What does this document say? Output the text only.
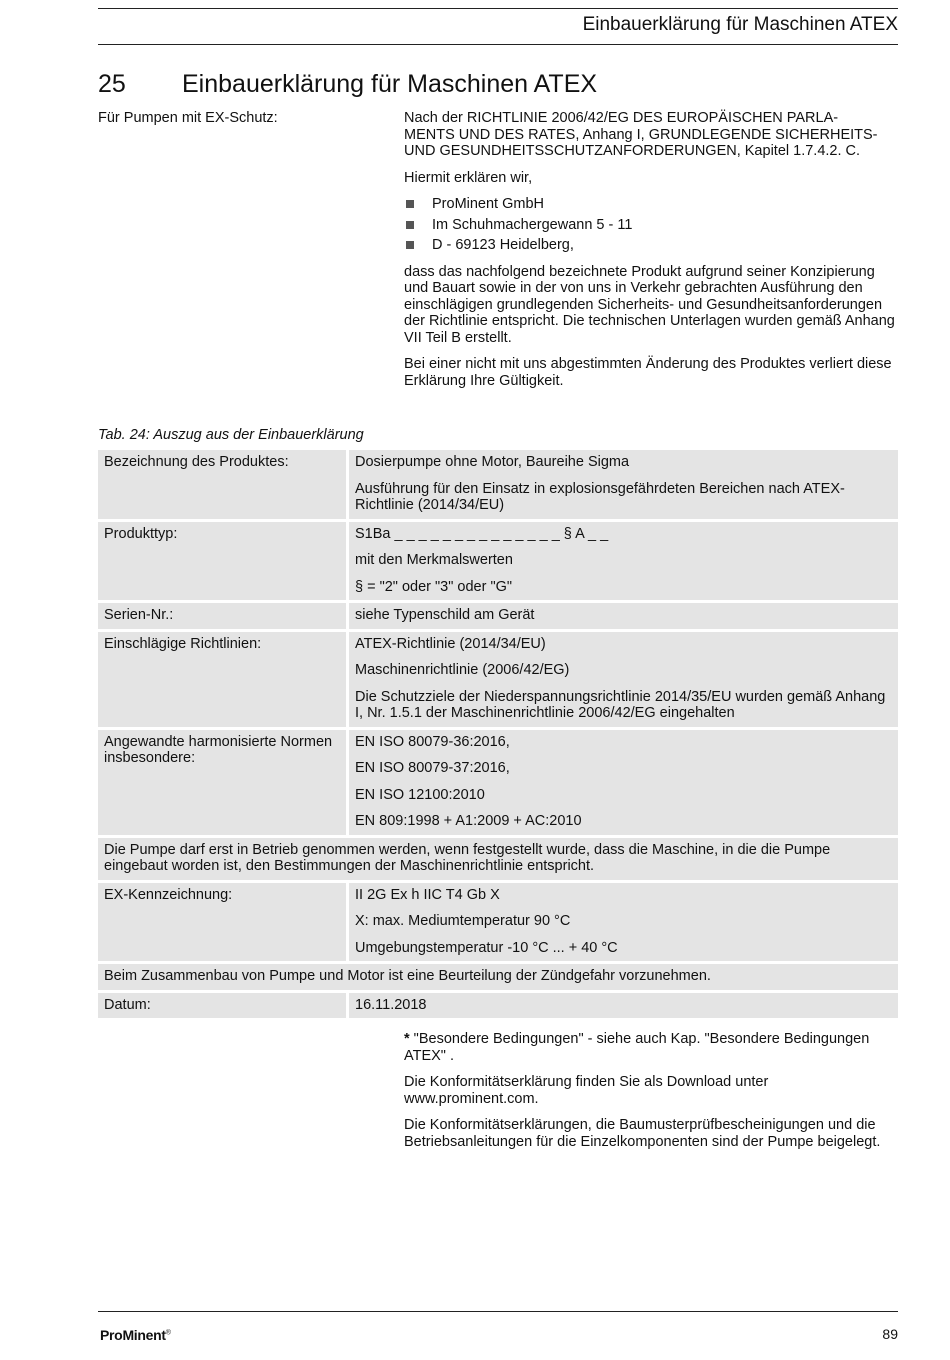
Einbauerklärung für Maschinen ATEX
25 Einbauerklärung für Maschinen ATEX
Für Pumpen mit EX-Schutz:	Nach der RICHTLINIE 2006/42/EG DES EUROPÄISCHEN PARLA-
MENTS UND DES RATES, Anhang I, GRUNDLEGENDE SICHERHEITS-
UND GESUNDHEITSSCHUTZANFORDERUNGEN, Kapitel 1.7.4.2. C.

Hiermit erklären wir,

ProMinent GmbH
Im Schuhmachergewann 5 - 11
D - 69123 Heidelberg,

dass das nachfolgend bezeichnete Produkt aufgrund seiner Konzipierung und Bauart sowie in der von uns in Verkehr gebrachten Ausführung den einschlägigen grundlegenden Sicherheits- und Gesundheitsanforderungen der Richtlinie entspricht. Die technischen Unterlagen wurden gemäß Anhang VII Teil B erstellt.

Bei einer nicht mit uns abgestimmten Änderung des Produktes verliert diese Erklärung Ihre Gültigkeit.

Tab. 24: Auszug aus der Einbauerklärung
Bezeichnung des Produktes:	Dosierpumpe ohne Motor, Baureihe Sigma
Ausführung für den Einsatz in explosionsgefährdeten Bereichen nach ATEX-Richtlinie (2014/34/EU)

Produkttyp:	S1Ba _ _ _ _ _ _ _ _ _ _ _ _ _ _ § A _ _
mit den Merkmalswerten
§ = "2" oder "3" oder "G"

Serien-Nr.:	siehe Typenschild am Gerät

Einschlägige Richtlinien:	ATEX-Richtlinie (2014/34/EU)
Maschinenrichtlinie (2006/42/EG)
Die Schutzziele der Niederspannungsrichtlinie 2014/35/EU wurden gemäß Anhang I, Nr. 1.5.1 der Maschinenrichtlinie 2006/42/EG eingehalten

Angewandte harmonisierte Normen insbesondere:	EN ISO 80079-36:2016,
EN ISO 80079-37:2016,
EN ISO 12100:2010
EN 809:1998 + A1:2009 + AC:2010

Die Pumpe darf erst in Betrieb genommen werden, wenn festgestellt wurde, dass die Maschine, in die die Pumpe eingebaut worden ist, den Bestimmungen der Maschinenrichtlinie entspricht.	
EX-Kennzeichnung:	II 2G Ex h IIC T4 Gb X
X: max. Mediumtemperatur 90 °C
Umgebungstemperatur -10 °C ... + 40 °C

Beim Zusammenbau von Pumpe und Motor ist eine Beurteilung der Zündgefahr vorzunehmen.	
Datum:	16.11.2018

* "Besondere Bedingungen" - siehe auch Kap. "Besondere Bedingungen ATEX" .

Die Konformitätserklärung finden Sie als Download unter www.prominent.com.

Die Konformitätserklärungen, die Baumusterprüfbescheinigungen und die Betriebsanleitungen für die Einzelkomponenten sind der Pumpe beigelegt.

ProMinent®	89
